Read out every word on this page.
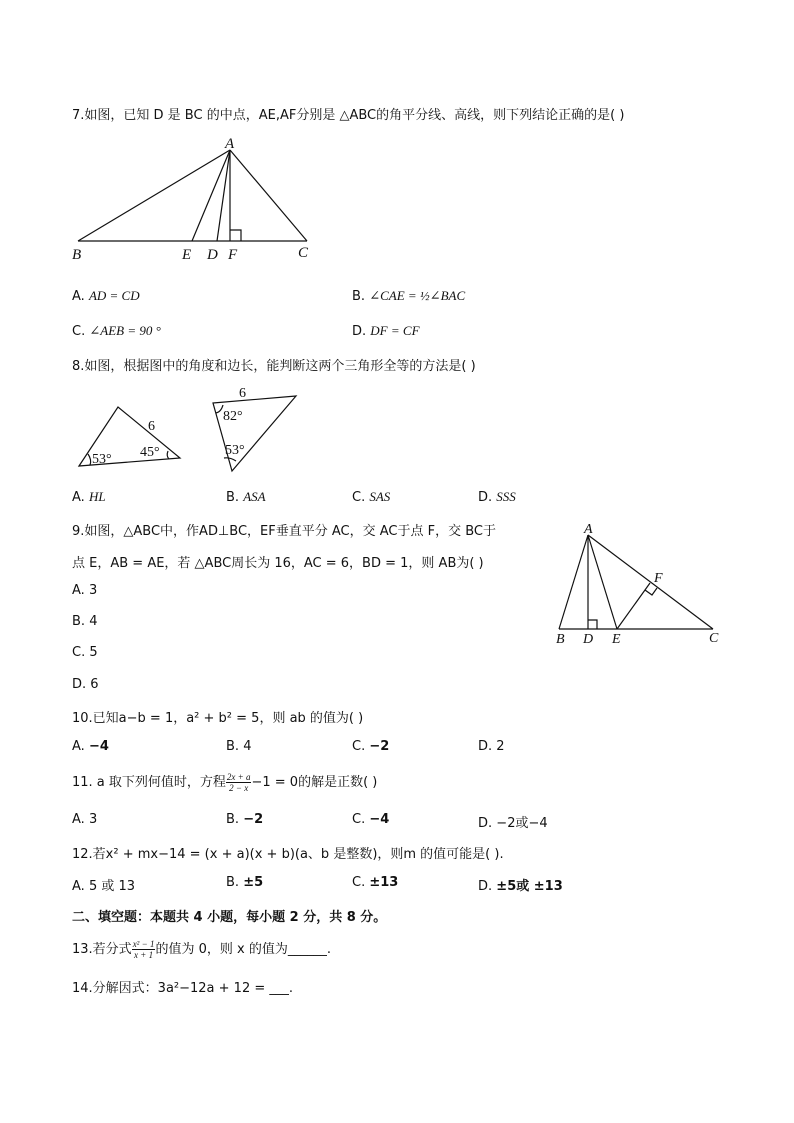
7.如图，已知 D 是 BC 的中点，AE,AF分别是 △ABC的角平分线、高线，则下列结论正确的是( )
A
B	C
E D F
A. AD = CD	B. ∠CAE = ½∠BAC
C. ∠AEB = 90 °	D. DF = CF
8.如图，根据图中的角度和边长，能判断这两个三角形全等的方法是( )
6
53° 45°
6
82°
53°
A. HL	B. ASA	C. SAS	D. SSS
9.如图，△ABC中，作AD⊥BC，EF垂直平分 AC，交 AC于点 F，交 BC于
点 E，AB = AE，若 △ABC周长为 16，AC = 6，BD = 1，则 AB为( )
A
B D E	C
F
A. 3
B. 4
C. 5
D. 6
10.已知a−b = 1，a² + b² = 5，则 ab 的值为( )
A. −4	B. 4	C. −2	D. 2
11. a 取下列何值时，方程 $\frac{2x + a}{2 - x} -1 = 0$的解是正数( )
A. 3	B. −2	C. −4	D. −2或−4
12.若x² + mx−14 = (x + a)(x + b)(a、b 是整数)，则m 的值可能是( ).
A. 5 或 13	B. ±5	C. ±13	D. ±5或 ±13
二、填空题：本题共 4 小题，每小题 2 分，共 8 分。
13.若分式 $\frac{\text{x² − 1}}{x + 1}$ 的值为 0，则 x 的值为______.
14.分解因式：3a²−12a + 12 = ___.
